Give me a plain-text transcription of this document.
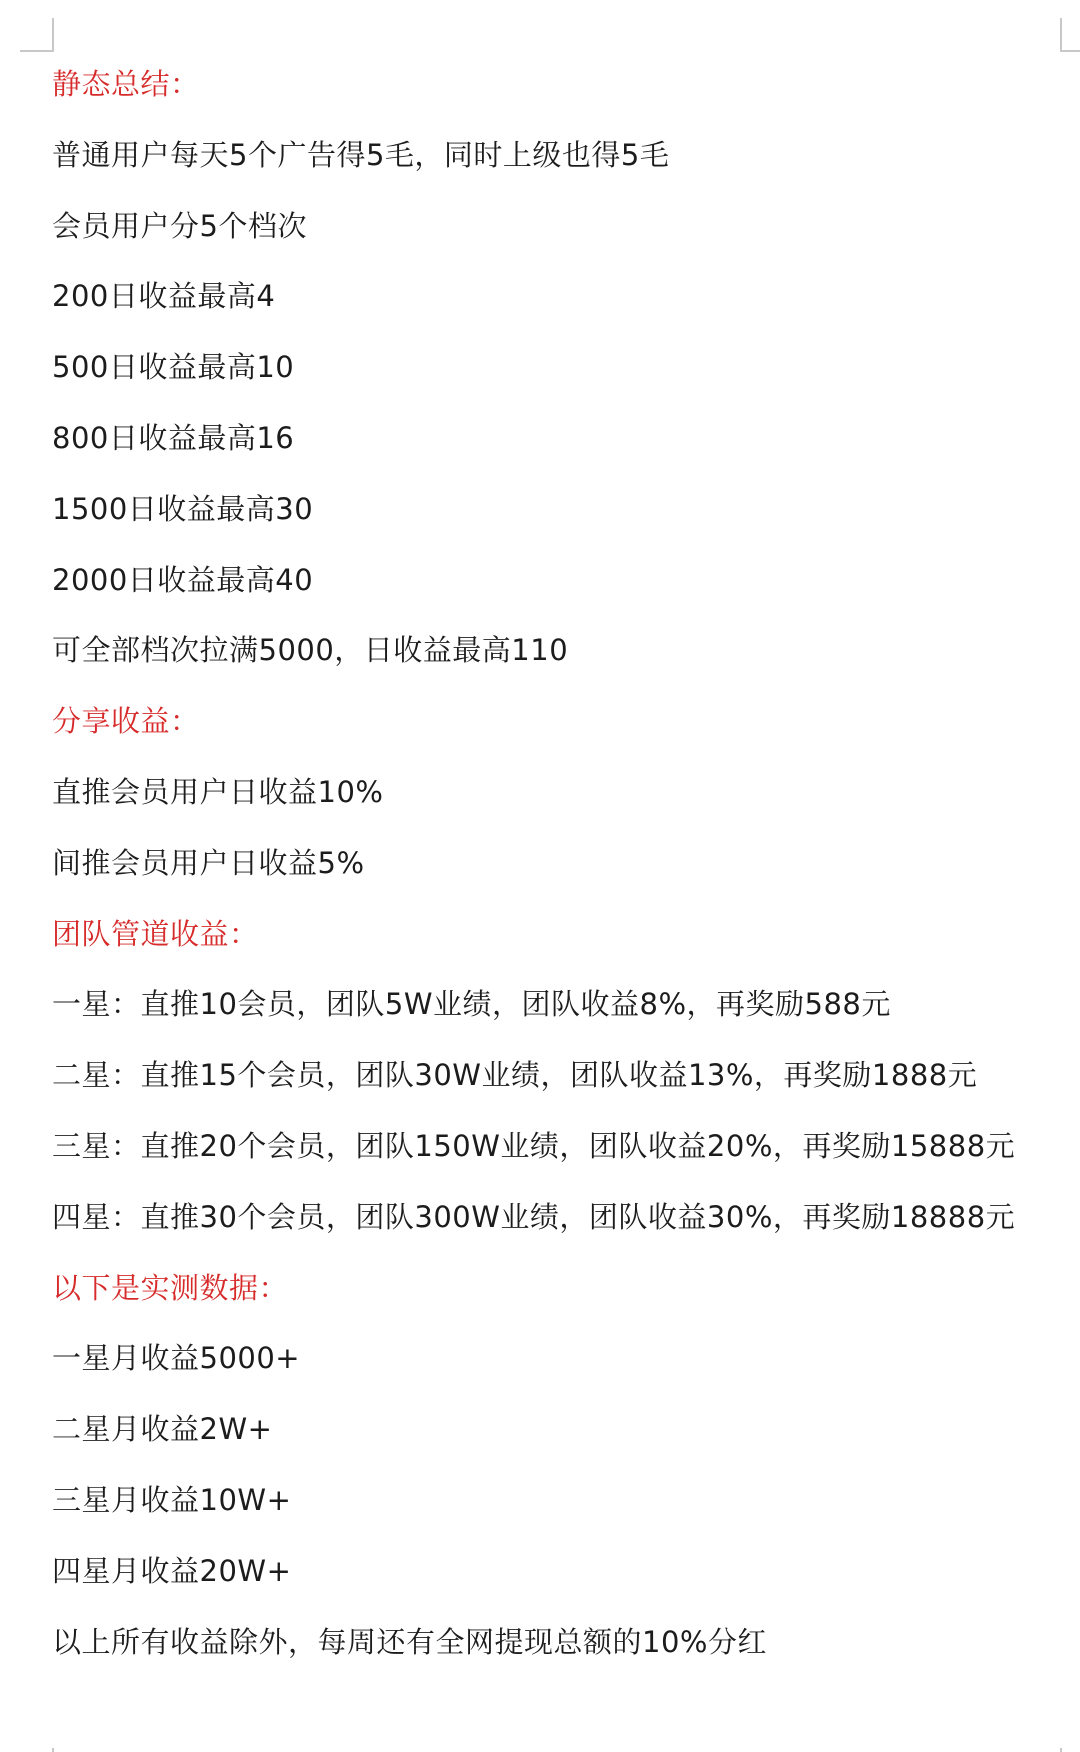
静态总结：
普通用户每天5个广告得5毛，同时上级也得5毛
会员用户分5个档次
200日收益最高4
500日收益最高10
800日收益最高16
1500日收益最高30
2000日收益最高40
可全部档次拉满5000，日收益最高110
分享收益：
直推会员用户日收益10%
间推会员用户日收益5%
团队管道收益：
一星：直推10会员，团队5W业绩，团队收益8%，再奖励588元
二星：直推15个会员，团队30W业绩，团队收益13%，再奖励1888元
三星：直推20个会员，团队150W业绩，团队收益20%，再奖励15888元
四星：直推30个会员，团队300W业绩，团队收益30%，再奖励18888元
以下是实测数据：
一星月收益5000+
二星月收益2W+
三星月收益10W+
四星月收益20W+
以上所有收益除外，每周还有全网提现总额的10%分红
